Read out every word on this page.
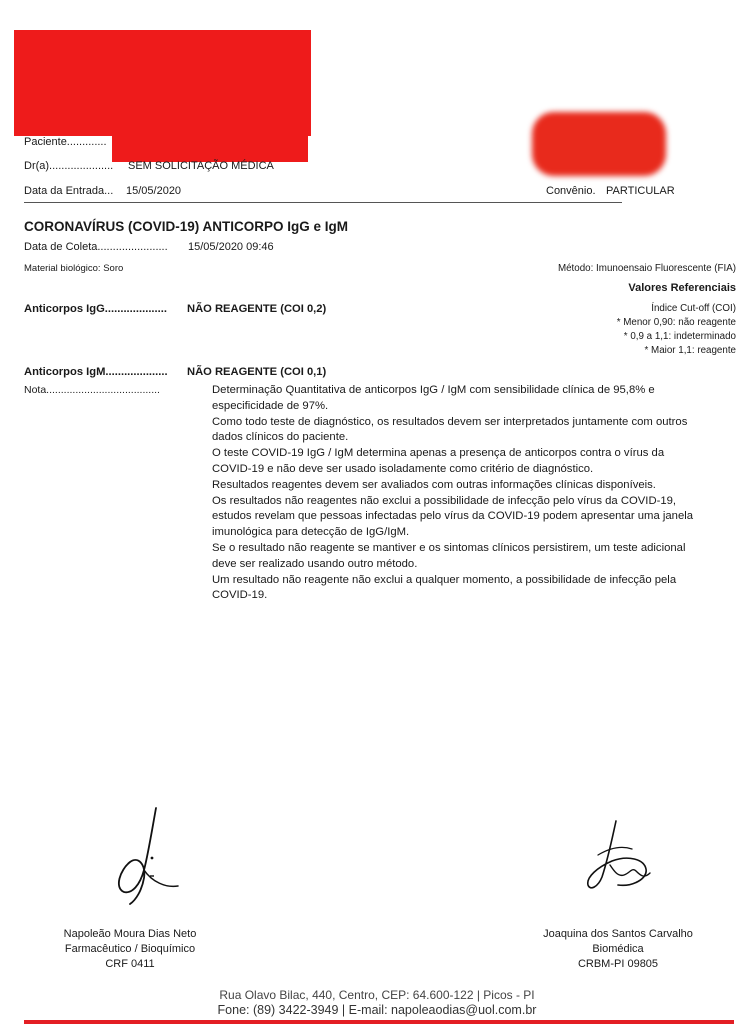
Paciente.............
Dr(a)..................... SEM SOLICITAÇÃO MÉDICA
Data da Entrada... 15/05/2020	Convênio. PARTICULAR
CORONAVÍRUS (COVID-19) ANTICORPO IgG e IgM
Data de Coleta....................... 15/05/2020 09:46
Material biológico: Soro	Método: Imunoensaio Fluorescente (FIA)
Valores Referenciais
Índice Cut-off (COI)
* Menor 0,90: não reagente
* 0,9 a 1,1: indeterminado
* Maior 1,1: reagente
Anticorpos IgG.................... NÃO REAGENTE (COI 0,2)
Anticorpos IgM.................... NÃO REAGENTE (COI 0,1)
Nota.......................................	Determinação Quantitativa de anticorpos IgG / IgM com sensibilidade clínica de 95,8% e

especificidade de 97%.

Como todo teste de diagnóstico, os resultados devem ser interpretados juntamente com outros

dados clínicos do paciente.

O teste COVID-19 IgG / IgM determina apenas a presença de anticorpos contra o vírus da

COVID-19 e não deve ser usado isoladamente como critério de diagnóstico.

Resultados reagentes devem ser avaliados com outras informações clínicas disponíveis.

Os resultados não reagentes não exclui a possibilidade de infecção pelo vírus da COVID-19,

estudos revelam que pessoas infectadas pelo vírus da COVID-19 podem apresentar uma janela

imunológica para detecção de IgG/IgM.

Se o resultado não reagente se mantiver e os sintomas clínicos persistirem, um teste adicional

deve ser realizado usando outro método.

Um resultado não reagente não exclui a qualquer momento, a possibilidade de infecção pela

COVID-19.

Napoleão Moura Dias Neto
Farmacêutico / Bioquímico
CRF 0411
Joaquina dos Santos Carvalho
Biomédica
CRBM-PI 09805
Rua Olavo Bilac, 440, Centro, CEP: 64.600-122 | Picos - PI
Fone: (89) 3422-3949 | E-mail: napoleaodias@uol.com.br
